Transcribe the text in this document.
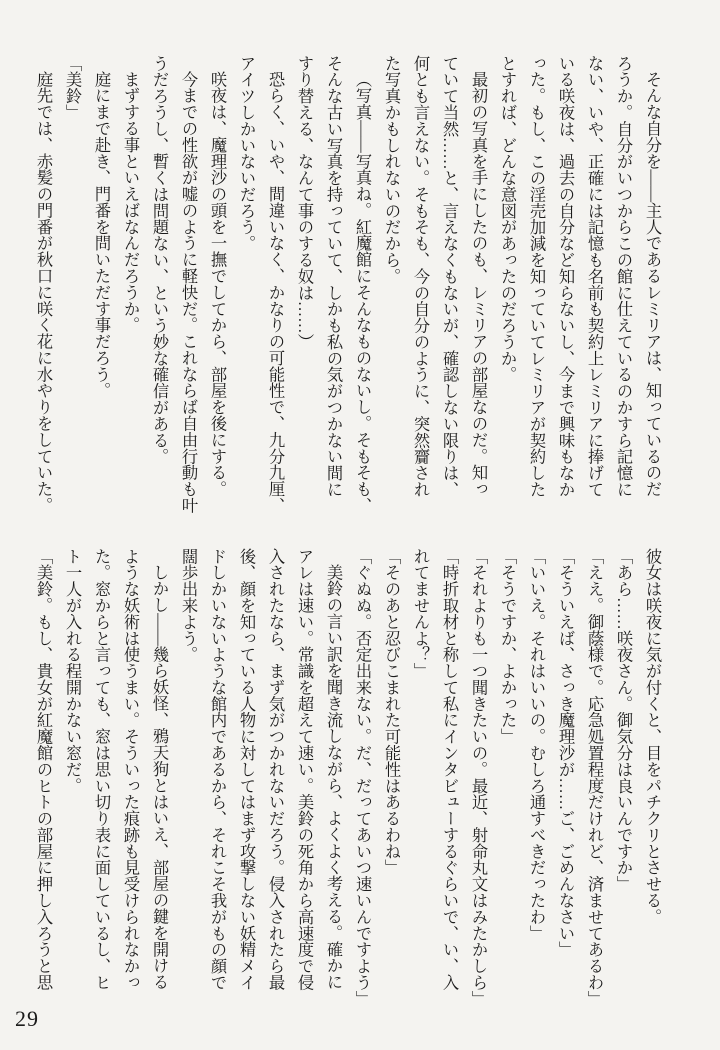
そんな自分を――主人であるレミリアは、知っているのだ
ろうか。自分がいつからこの館に仕えているのかすら記憶に
ない、いや、正確には記憶も名前も契約上レミリアに捧げて
いる咲夜は、過去の自分など知らないし、今まで興味もなか
った。もし、この淫売加減を知っていてレミリアが契約した
とすれば、どんな意図があったのだろうか。
最初の写真を手にしたのも、レミリアの部屋なのだ。知っ
ていて当然……と、言えなくもないが、確認しない限りは、
何とも言えない。そもそも、今の自分のように、突然齎され
た写真かもしれないのだから。
（写真――写真ね。紅魔館にそんなものないし。そもそも、
そんな古い写真を持っていて、しかも私の気がつかない間に
すり替える、なんて事のする奴は……）
恐らく、いや、間違いなく、かなりの可能性で、九分九厘、
アイツしかいないだろう。
咲夜は、魔理沙の頭を一撫でしてから、部屋を後にする。
今までの性欲が嘘のように軽快だ。これならば自由行動も叶
うだろうし、暫くは問題ない、という妙な確信がある。
まずする事といえばなんだろうか。
庭にまで赴き、門番を問いただす事だろう。
「美鈴」
庭先では、赤髪の門番が秋口に咲く花に水やりをしていた。
彼女は咲夜に気が付くと、目をパチクリとさせる。
「あら……咲夜さん。御気分は良いんですか」
「ええ。御蔭様で。応急処置程度だけれど、済ませてあるわ」
「そういえば、さっき魔理沙が……ご、ごめんなさい」
「いいえ。それはいいの。むしろ通すべきだったわ」
「そうですか、よかった」
「それよりも一つ聞きたいの。最近、射命丸文はみたかしら」
「時折取材と称して私にインタビューするぐらいで、い、入
れてませんよ？」
「そのあと忍びこまれた可能性はあるわね」
「ぐぬぬ。否定出来ない。だ、だってあいつ速いんですよう」
美鈴の言い訳を聞き流しながら、よくよく考える。確かに
アレは速い。常識を超えて速い。美鈴の死角から高速度で侵
入されたなら、まず気がつかれないだろう。侵入されたら最
後、顔を知っている人物に対してはまず攻撃しない妖精メイ
ドしかいないような館内であるから、それこそ我がもの顔で
闊歩出来よう。
しかし――幾ら妖怪、鴉天狗とはいえ、部屋の鍵を開ける
ような妖術は使うまい。そういった痕跡も見受けられなかっ
た。窓からと言っても、窓は思い切り表に面しているし、ヒ
ト一人が入れる程開かない窓だ。
「美鈴。もし、貴女が紅魔館のヒトの部屋に押し入ろうと思
29
